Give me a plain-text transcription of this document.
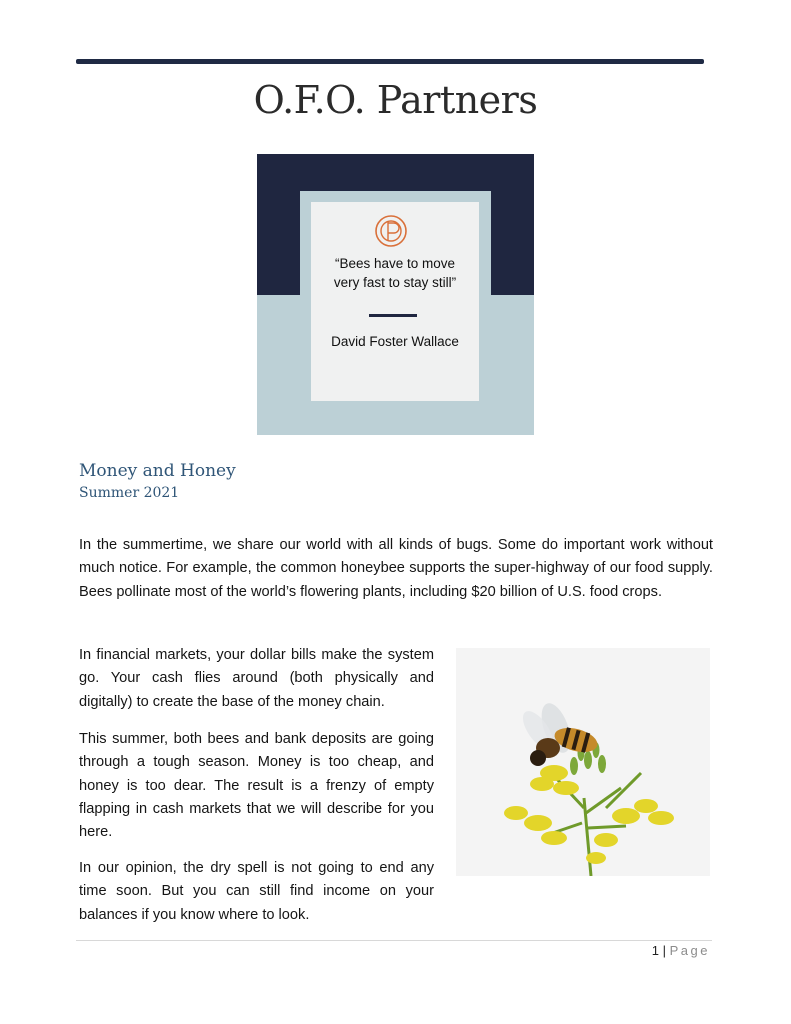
O.F.O. Partners
“Bees have to move
very fast to stay still”
David Foster Wallace
Money and Honey
Summer 2021

In the summertime, we share our world with all kinds of bugs. Some do important work without much notice. For example, the common honeybee supports the super-highway of our food supply. Bees pollinate most of the world’s flowering plants, including $20 billion of U.S. food crops.

In financial markets, your dollar bills make the system go. Your cash flies around (both physically and digitally) to create the base of the money chain.

This summer, both bees and bank deposits are going through a tough season. Money is too cheap, and honey is too dear. The result is a frenzy of empty flapping in cash markets that we will describe for you here.

In our opinion, the dry spell is not going to end any time soon. But you can still find income on your balances if you know where to look.

1 | Page
